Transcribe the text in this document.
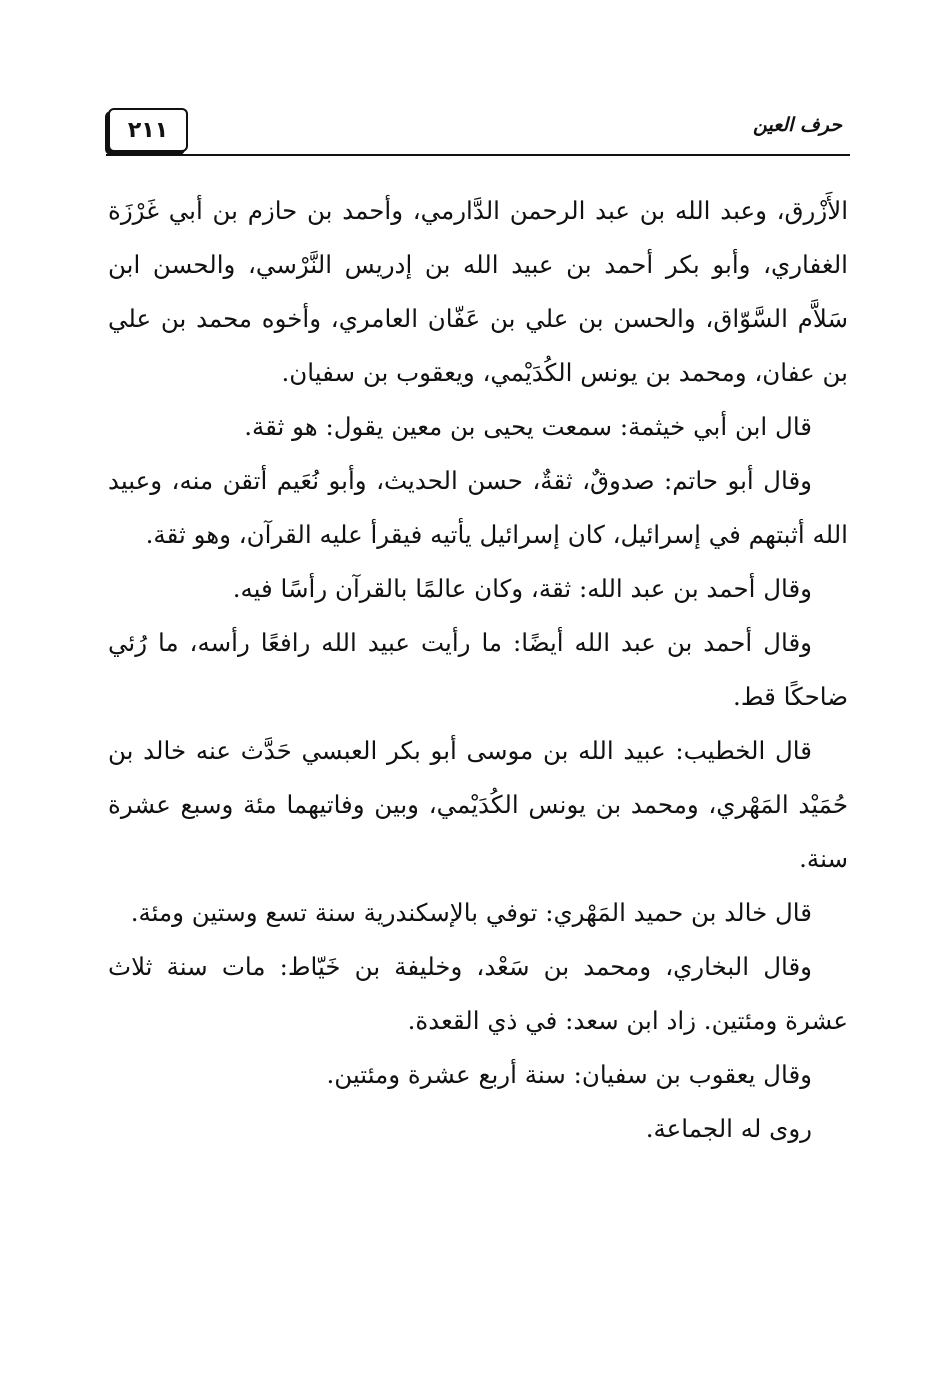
٢١١	حرف العين

الأَزْرق، وعبد الله بن عبد الرحمن الدَّارمي، وأحمد بن حازم بن أبي غَرْزَة الغفاري، وأبو بكر أحمد بن عبيد الله بن إدريس النَّرْسي، والحسن ابن سَلاَّم السَّوّاق، والحسن بن علي بن عَفّان العامري، وأخوه محمد بن علي بن عفان، ومحمد بن يونس الكُدَيْمي، ويعقوب بن سفيان.

قال ابن أبي خيثمة: سمعت يحيى بن معين يقول: هو ثقة.

وقال أبو حاتم: صدوقٌ، ثقةٌ، حسن الحديث، وأبو نُعَيم أتقن منه، وعبيد الله أثبتهم في إسرائيل، كان إسرائيل يأتيه فيقرأ عليه القرآن، وهو ثقة.

وقال أحمد بن عبد الله: ثقة، وكان عالمًا بالقرآن رأسًا فيه.

وقال أحمد بن عبد الله أيضًا: ما رأيت عبيد الله رافعًا رأسه، ما رُئي ضاحكًا قط.

قال الخطيب: عبيد الله بن موسى أبو بكر العبسي حَدَّث عنه خالد بن حُمَيْد المَهْري، ومحمد بن يونس الكُدَيْمي، وبين وفاتيهما مئة وسبع عشرة سنة.

قال خالد بن حميد المَهْري: توفي بالإسكندرية سنة تسع وستين ومئة.

وقال البخاري، ومحمد بن سَعْد، وخليفة بن خَيّاط: مات سنة ثلاث عشرة ومئتين. زاد ابن سعد: في ذي القعدة.

وقال يعقوب بن سفيان: سنة أربع عشرة ومئتين.

روى له الجماعة.
